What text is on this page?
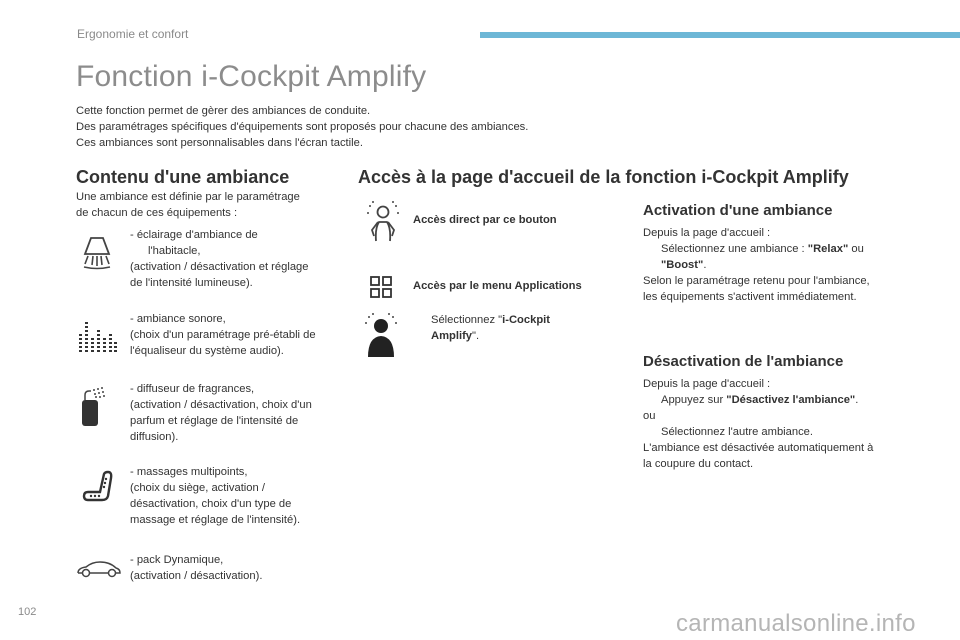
Ergonomie et confort
Fonction i-Cockpit Amplify
Cette fonction permet de gèrer des ambiances de conduite.
Des paramétrages spécifiques d'équipements sont proposés pour chacune des ambiances.
Ces ambiances sont personnalisables dans l'écran tactile.
Contenu d'une ambiance
Une ambiance est définie par le paramétrage
de chacun de ces équipements :
- éclairage d'ambiance de
l'habitacle,
(activation / désactivation et réglage
de l'intensité lumineuse).
- ambiance sonore,
(choix d'un paramétrage pré-établi de
l'équaliseur du système audio).
- diffuseur de fragrances,
(activation / désactivation, choix d'un
parfum et réglage de l'intensité de
diffusion).
- massages multipoints,
(choix du siège, activation /
désactivation, choix d'un type de
massage et réglage de l'intensité).
- pack Dynamique,
(activation / désactivation).
Accès à la page d'accueil de la fonction i-Cockpit Amplify
Accès direct par ce bouton
Accès par le menu Applications
Sélectionnez "i-Cockpit
Amplify".
Activation d'une ambiance
Depuis la page d'accueil :
Sélectionnez une ambiance : "Relax" ou
"Boost".
Selon le paramétrage retenu pour l'ambiance,
les équipements s'activent immédiatement.
Désactivation de l'ambiance
Depuis la page d'accueil :
Appuyez sur "Désactivez l'ambiance".
ou
Sélectionnez l'autre ambiance.
L'ambiance est désactivée automatiquement à
la coupure du contact.
102	carmanualsonline.info
